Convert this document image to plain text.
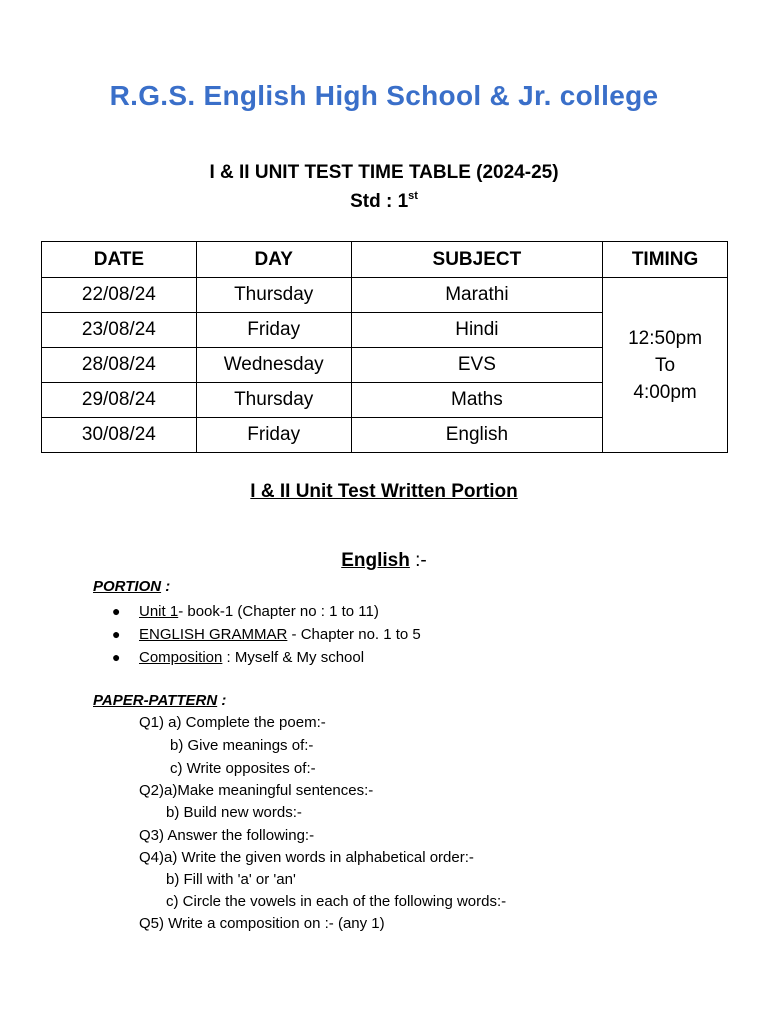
R.G.S. English High School & Jr. college
I & II UNIT TEST TIME TABLE (2024-25)
Std : 1st
DATE	DAY	SUBJECT	TIMING
22/08/24	Thursday	Marathi	12:50pm
To
4:00pm

23/08/24	Friday	Hindi	
28/08/24	Wednesday	EVS	
29/08/24	Thursday	Maths	
30/08/24	Friday	English	
I & II Unit Test Written Portion
English :-
PORTION :
● Unit 1- book-1 (Chapter no : 1 to 11)
● ENGLISH GRAMMAR - Chapter no. 1 to 5
● Composition : Myself & My school
PAPER-PATTERN :
Q1) a) Complete the poem:-
b) Give meanings of:-
c) Write opposites of:-
Q2)a)Make meaningful sentences:-
b) Build new words:-
Q3) Answer the following:-
Q4)a) Write the given words in alphabetical order:-
b) Fill with 'a' or 'an'
c) Circle the vowels in each of the following words:-
Q5) Write a composition on :- (any 1)
